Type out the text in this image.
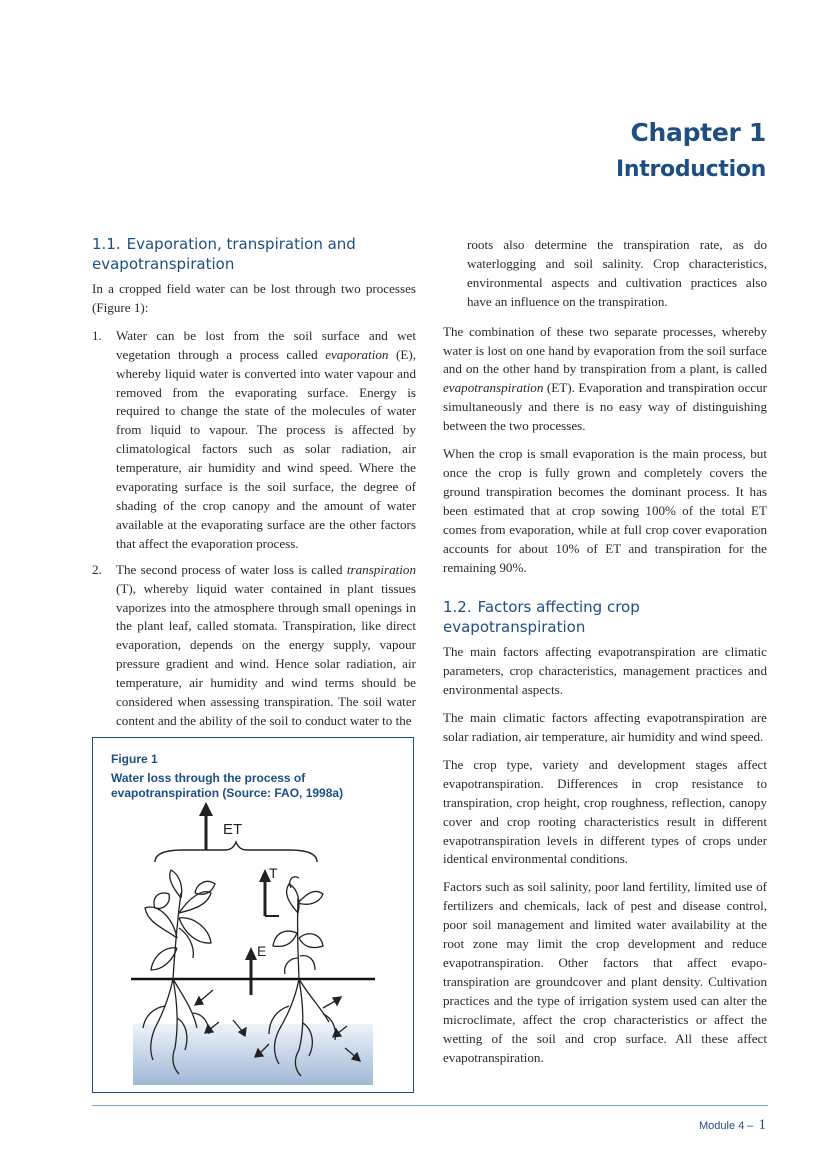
Chapter 1
Introduction
1.1. Evaporation, transpiration and evapotranspiration

In a cropped field water can be lost through two processes (Figure 1):

1. Water can be lost from the soil surface and wet vegetation through a process called evaporation (E), whereby liquid water is converted into water vapour and removed from the evaporating surface. Energy is required to change the state of the molecules of water from liquid to vapour. The process is affected by climatological factors such as solar radiation, air temperature, air humidity and wind speed. Where the evaporating surface is the soil surface, the degree of shading of the crop canopy and the amount of water available at the evaporating surface are the other factors that affect the evaporation process.
2. The second process of water loss is called transpiration (T), whereby liquid water contained in plant tissues vaporizes into the atmosphere through small openings in the plant leaf, called stomata. Transpiration, like direct evaporation, depends on the energy supply, vapour pressure gradient and wind. Hence solar radiation, air temperature, air humidity and wind terms should be considered when assessing transpiration. The soil water content and the ability of the soil to conduct water to the
Figure 1
Water loss through the process of evapotranspiration (Source: FAO, 1998a)
ET
T
E

roots also determine the transpiration rate, as do waterlogging and soil salinity. Crop characteristics, environmental aspects and cultivation practices also have an influence on the transpiration.

The combination of these two separate processes, whereby water is lost on one hand by evaporation from the soil surface and on the other hand by transpiration from a plant, is called evapotranspiration (ET). Evaporation and transpiration occur simultaneously and there is no easy way of distinguishing between the two processes.

When the crop is small evaporation is the main process, but once the crop is fully grown and completely covers the ground transpiration becomes the dominant process. It has been estimated that at crop sowing 100% of the total ET comes from evaporation, while at full crop cover evaporation accounts for about 10% of ET and transpiration for the remaining 90%.

1.2. Factors affecting crop evapotranspiration

The main factors affecting evapotranspiration are climatic parameters, crop characteristics, management practices and environmental aspects.

The main climatic factors affecting evapotranspiration are solar radiation, air temperature, air humidity and wind speed.

The crop type, variety and development stages affect evapotranspiration. Differences in crop resistance to transpiration, crop height, crop roughness, reflection, canopy cover and crop rooting characteristics result in different evapotranspiration levels in different types of crops under identical environmental conditions.

Factors such as soil salinity, poor land fertility, limited use of fertilizers and chemicals, lack of pest and disease control, poor soil management and limited water availability at the root zone may limit the crop development and reduce evapotranspiration. Other factors that affect evapo-transpiration are groundcover and plant density. Cultivation practices and the type of irrigation system used can alter the microclimate, affect the crop characteristics or affect the wetting of the soil and crop surface. All these affect evapotranspiration.

Module 4 – 1
